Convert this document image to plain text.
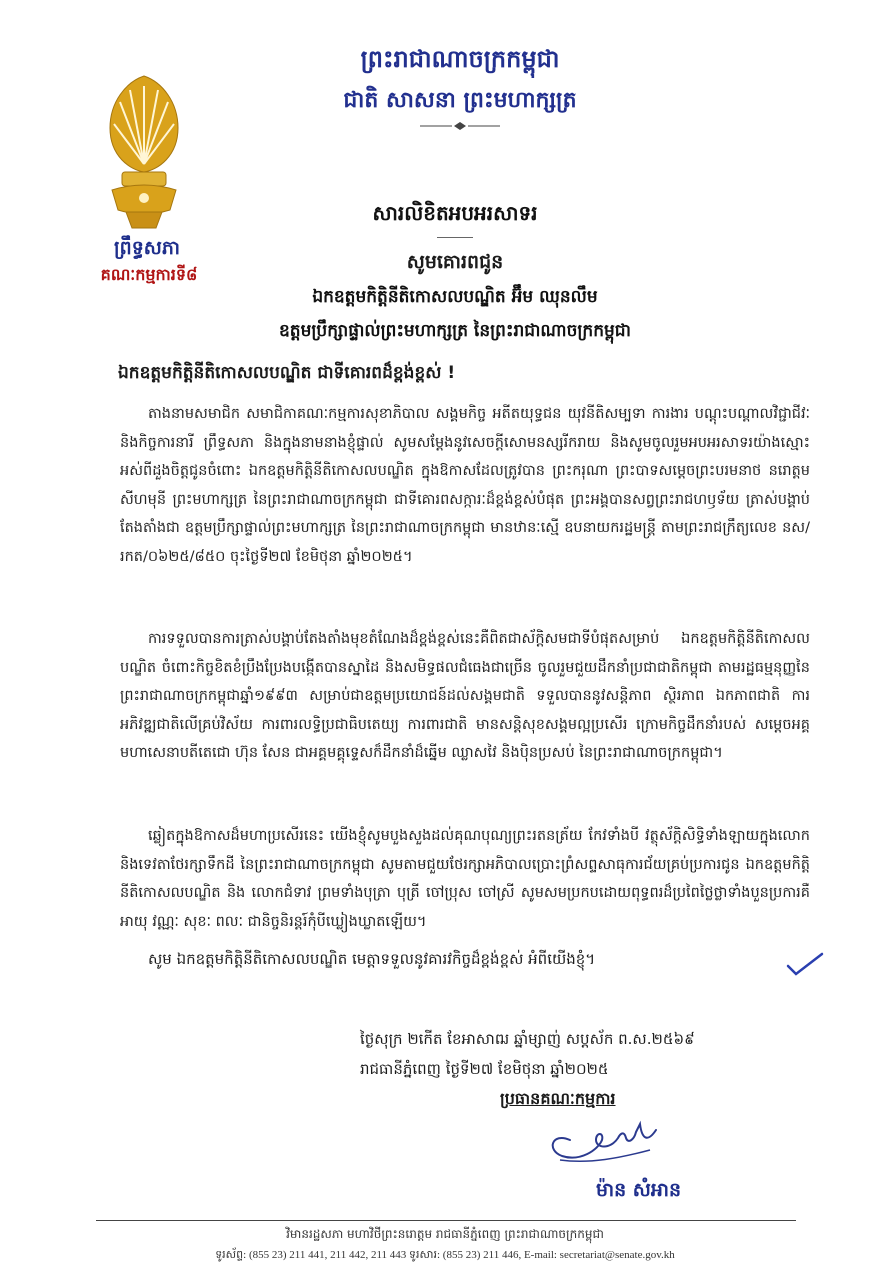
ព្រឹទ្ធសភា
គណៈកម្មការទី៨
ព្រះរាជាណាចក្រកម្ពុជា
ជាតិ សាសនា ព្រះមហាក្សត្រ
សារលិខិតអបអរសាទរ
សូមគោរពជូន
ឯកឧត្តមកិត្តិនីតិកោសលបណ្ឌិត អ៊ឹម ឈុនលឹម
ឧត្តមប្រឹក្សាផ្ទាល់ព្រះមហាក្សត្រ នៃព្រះរាជាណាចក្រកម្ពុជា
ឯកឧត្តមកិត្តិនីតិកោសលបណ្ឌិត ជាទីគោរពដ៏ខ្ពង់ខ្ពស់ !

តាងនាមសមាជិក សមាជិកាគណៈកម្មការសុខាភិបាល សង្គមកិច្ច អតីតយុទ្ធជន យុវនីតិសម្បទា ការងារ បណ្តុះបណ្តាលវិជ្ជាជីវៈ និងកិច្ចការនារី ព្រឹទ្ធសភា និងក្នុងនាមនាងខ្ញុំផ្ទាល់ សូមសម្តែងនូវសេចក្តីសោមនស្សរីករាយ និងសូមចូលរួមអបអរសាទរយ៉ាងស្មោះអស់ពីដួងចិត្តជូនចំពោះ ឯកឧត្តមកិត្តិនីតិកោសលបណ្ឌិត ក្នុងឱកាសដែលត្រូវបាន ព្រះករុណា ព្រះបាទសម្តេចព្រះបរមនាថ នរោត្តម សីហមុនី ព្រះមហាក្សត្រ នៃព្រះរាជាណាចក្រកម្ពុជា ជាទីគោរពសក្ការៈដ៏ខ្ពង់ខ្ពស់បំផុត ព្រះអង្គបានសព្វព្រះរាជហឫទ័យ ត្រាស់បង្គាប់តែងតាំងជា ឧត្តមប្រឹក្សាផ្ទាល់ព្រះមហាក្សត្រ នៃព្រះរាជាណាចក្រកម្ពុជា មានឋានៈស្មើ ឧបនាយករដ្ឋមន្ត្រី តាមព្រះរាជក្រឹត្យលេខ នស/រកត/០៦២៥/៨៥០ ចុះថ្ងៃទី២៧ ខែមិថុនា ឆ្នាំ២០២៥។

ការទទួលបានការត្រាស់បង្គាប់តែងតាំងមុខតំណែងដ៏ខ្ពង់ខ្ពស់នេះគឺពិតជាស័ក្តិសមជាទីបំផុតសម្រាប់ ឯកឧត្តមកិត្តិនីតិកោសលបណ្ឌិត ចំពោះកិច្ចខិតខំប្រឹងប្រែងបង្កើតបានស្នាដៃ និងសមិទ្ធផលជំធេងជាច្រើន ចូលរួមជួយដឹកនាំប្រជាជាតិកម្ពុជា តាមរដ្ឋធម្មនុញ្ញនៃព្រះរាជាណាចក្រកម្ពុជាឆ្នាំ១៩៩៣ សម្រាប់ជាឧត្តមប្រយោជន៍ដល់សង្គមជាតិ ទទួលបាននូវសន្តិភាព ស្ថិរភាព ឯកភាពជាតិ ការអភិវឌ្ឍជាតិលើគ្រប់វិស័យ ការពារលទ្ធិប្រជាធិបតេយ្យ ការពារជាតិ មានសន្តិសុខសង្គមល្អប្រសើរ ក្រោមកិច្ចដឹកនាំរបស់ សម្តេចអគ្គមហាសេនាបតីតេជោ ហ៊ុន សែន ជាអគ្គមគ្គុទ្ទេសក៏ដឹកនាំដ៏ឆ្នើម ឈ្លាសវៃ និងប៉ិនប្រសប់ នៃព្រះរាជាណាចក្រកម្ពុជា។

ឆ្លៀតក្នុងឱកាសដ៏មហាប្រសើរនេះ យើងខ្ញុំសូមបួងសួងដល់គុណបុណ្យព្រះរតនត្រ័យ កែវទាំងបី វត្ថុស័ក្តិសិទ្ធិទាំងឡាយក្នុងលោក និងទេវតាថែរក្សាទឹកដី នៃព្រះរាជាណាចក្រកម្ពុជា សូមតាមជួយថែរក្សាអភិបាលប្រោះព្រំសព្ទសាធុការជ័យគ្រប់ប្រការជូន ឯកឧត្តមកិត្តិនីតិកោសលបណ្ឌិត និង លោកជំទាវ ព្រមទាំងបុត្រា បុត្រី ចៅប្រុស ចៅស្រី សូមសមប្រកបដោយពុទ្ធពរដ៏ប្រពៃថ្លៃថ្លាទាំងបួនប្រការគឺ អាយុ វណ្ណៈ សុខៈ ពលៈ ជានិច្ចនិរន្តរ៍កុំបីឃ្លៀងឃ្លាតឡើយ។

សូម ឯកឧត្តមកិត្តិនីតិកោសលបណ្ឌិត មេត្តាទទួលនូវគារវកិច្ចដ៏ខ្ពង់ខ្ពស់ អំពីយើងខ្ញុំ។
ថ្ងៃសុក្រ ២កើត ខែអាសាឍ ឆ្នាំម្សាញ់ សប្តស័ក ព.ស.២៥៦៩
រាជធានីភ្នំពេញ ថ្ងៃទី២៧ ខែមិថុនា ឆ្នាំ២០២៥
ប្រធានគណៈកម្មការ
ម៉ាន សំអាន
វិមានរដ្ឋសភា មហាវិថីព្រះនរោត្តម រាជធានីភ្នំពេញ ព្រះរាជាណាចក្រកម្ពុជា
ទូរស័ព្ទ: (855 23) 211 441, 211 442, 211 443 ទូរសារ: (855 23) 211 446, E-mail: secretariat@senate.gov.kh
